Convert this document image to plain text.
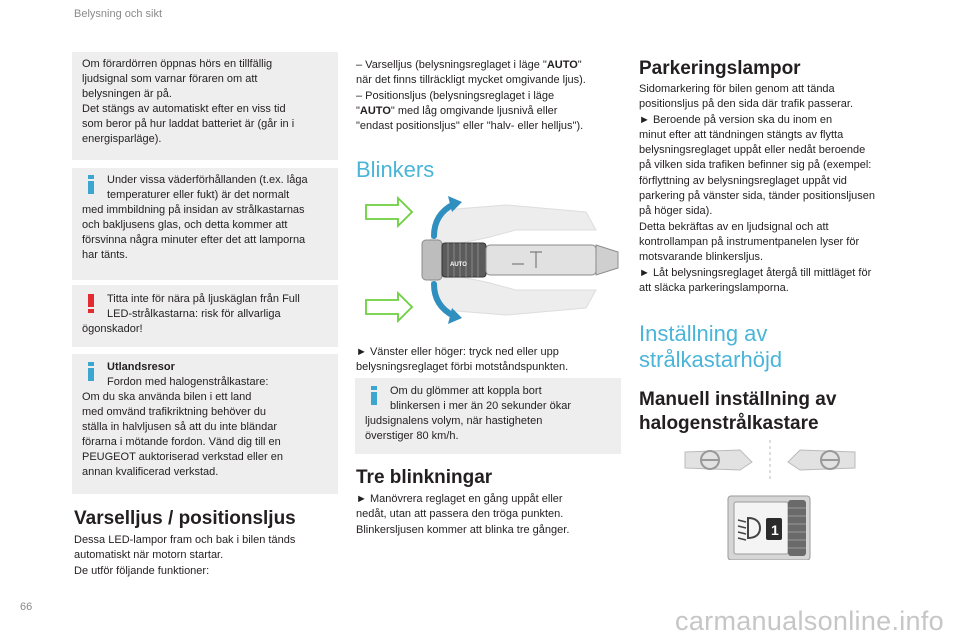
Belysning och sikt

Om förardörren öppnas hörs en tillfällig

ljudsignal som varnar föraren om att

belysningen är på.

Det stängs av automatiskt efter en viss tid

som beror på hur laddat batteriet är (går in i

energisparläge).

Under vissa väderförhållanden (t.ex. låga

temperaturer eller fukt) är det normalt

med immbildning på insidan av strålkastarnas

och bakljusens glas, och detta kommer att

försvinna några minuter efter det att lamporna

har tänts.

Titta inte för nära på ljuskäglan från Full

LED-strålkastarna: risk för allvarliga

ögonskador!

Utlandsresor

Fordon med halogenstrålkastare:

Om du ska använda bilen i ett land

med omvänd trafikriktning behöver du

ställa in halvljusen så att du inte bländar

förarna i mötande fordon. Vänd dig till en

PEUGEOT auktoriserad verkstad eller en

annan kvalificerad verkstad.

Varselljus / positionsljus

Dessa LED-lampor fram och bak i bilen tänds

automatiskt när motorn startar.

De utför följande funktioner:

– Varselljus (belysningsreglaget i läge "AUTO"

när det finns tillräckligt mycket omgivande ljus).

– Positionsljus (belysningsreglaget i läge

"AUTO" med låg omgivande ljusnivå eller

"endast positionsljus" eller "halv- eller helljus").

Blinkers
AUTO

► Vänster eller höger: tryck ned eller upp

belysningsreglaget förbi motståndspunkten.

Om du glömmer att koppla bort

blinkersen i mer än 20 sekunder ökar

ljudsignalens volym, när hastigheten

överstiger 80 km/h.

Tre blinkningar

► Manövrera reglaget en gång uppåt eller

nedåt, utan att passera den tröga punkten.

Blinkersljusen kommer att blinka tre gånger.

Parkeringslampor

Sidomarkering för bilen genom att tända

positionsljus på den sida där trafik passerar.

► Beroende på version ska du inom en

minut efter att tändningen stängts av flytta

belysningsreglaget uppåt eller nedåt beroende

på vilken sida trafiken befinner sig på (exempel:

förflyttning av belysningsreglaget uppåt vid

parkering på vänster sida, tänder positionsljusen

på höger sida).

Detta bekräftas av en ljudsignal och att

kontrollampan på instrumentpanelen lyser för

motsvarande blinkersljus.

► Låt belysningsreglaget återgå till mittläget för

att släcka parkeringslamporna.

Inställning av
strålkastarhöjd
Manuell inställning av
halogenstrålkastare
1
66	carmanualsonline.info
